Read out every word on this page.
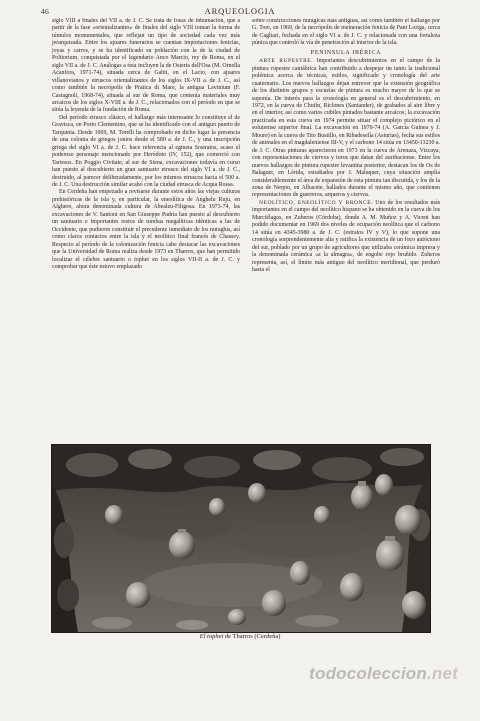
46	ARQUEOLOGIA

siglo VIII a finales del VII a. de J. C. Se trata de fosas de inhumación, que a partir de la fase «orientalizantes» de finales del siglo VIII toman la forma de túmulos monumentales, que reflejan un tipo de sociedad cada vez más jerarquizada. Entre los ajuares funerarios se cuentan importaciones fenicias, joyas y carros, y se ha identificado su población con la de la ciudad de Politorium, conquistada por el legendario Anco Marcio, rey de Roma, en el siglo VII a. de J. C. Análogas a ésta incluyen la de Osteria dell'Osa (M. Ornella Acanfora, 1971-74), situada cerca de Gabii, en el Lacio, con ajuares villanovianos y etruscos orientalizantes de los siglos IX-VII a. de J. C., así como también la necrópolis de Pratica di Mare, la antigua Lavinium (F. Castagnoli, 1968-74), situada al sur de Roma, que contenía materiales muy arcaicos de los siglos X-VIII a. de J. C., relacionados con el período en que se sitúa la leyenda de la fundación de Roma.

Del período etrusco clásico, el hallazgo más interesante lo constituye el de Gravisca, en Porto Clementino, que se ha identificado con el antiguo puerto de Tarquinia. Desde 1969, M. Torelli ha comprobado en dicho lugar la presencia de una colonia de griegos jonios desde el 580 a. de J. C., y una inscripción griega del siglo VI a. de J. C. hace referencia al egineta Sostratos, acaso el poderoso personaje mencionado por Heródoto (IV, 152), que comerció con Tartesos. En Poggio Civitate, al sur de Siena, excavaciones todavía en curso han puesto al descubierto un gran santuario etrusco del siglo VI a. de J. C., destruido, al parecer deliberadamente, por los mismos etruscos hacia el 500 a. de J. C. Una destrucción similar acabó con la ciudad etrusca de Acqua Rossa.

En Cerdeña han empezado a revisarse durante estos años las viejas culturas prehistóricas de la isla y, en particular, la eneolítica de Anghelu Ruju, en Alghero, ahora denominada cultura de Abealzu-Filigosa. En 1973-74, las excavaciones de V. Santoni en San Giuseppe Padria han puesto al descubierto un santuario e importantes restos de tumbas megalíticas idénticas a las de Occidente, que pudieron constituir el precedente inmediato de los nuraghis, así como claros contactos entre la isla y el neolítico final francés de Chassey. Respecto al período de la colonización fenicia cabe destacar las excavaciones que la Universidad de Roma realiza desde 1973 en Tharros, que han permitido localizar el célebre santuario o tophet en los siglos VII-II a. de J. C. y comprobar que éste estuvo emplazado

sobre construcciones nurágicas más antiguas, así como también el hallazgo por G. Tore, en 1969, de la necrópolis de meineración fenicia de Pani Loriga, cerca de Cagliari, fechada en el siglo VI a. de J. C. y relacionada con una fortaleza púnica que controló la vía de penetración al interior de la isla.

PENINSULA IBÉRICA

ARTE RUPESTRE. Importantes descubrimientos en el campo de la pintura rupestre cantábrica han contribuido a despejar un tanto la tradicional polémica acerca de técnicas, estilos, significado y cronología del arte cuaternario. Los nuevos hallazgos dejan entrever que la extensión geográfica de los distintos grupos y escuelas de pintura es mucho mayor de lo que se suponía. De interés para la cronología en general es el descubrimiento, en 1972, en la cueva de Chufín, Riclones (Santander), de grabados al aire libre y en el interior, así como varios cubiles pintados bastante arcaicos; la excavación practicada en esta cueva en 1974 permite situar el complejo pictórico en el solutrense superior final. La excavación en 1970-74 (A. García Guinea y J. Moure) en la cueva de Tito Bustillo, en Ribadesella (Asturias), fecha sus estilos de animales en el magdaleniense III-V, y el carbono 14 sitúa en 13450-13230 a. de J. C. Otras pinturas aparecieron en 1973 en la cueva de Arenaza, Vizcaya, con representaciones de ciervos y toros que datan del auriñaciense. Entre los nuevos hallazgos de pintura rupestre levantina posterior, destacan los de Os de Balaguer, en Lérida, estudiados por J. Maluquer, cuya situación amplía considerablemente el área de expansión de esta pintura tan discutida, y los de la zona de Nerpio, en Albacete, hallados durante el mismo año, que contienen representaciones de guerreros, arqueros y ciervos.

NEOLÍTICO, ENEOLÍTICO Y BRONCE. Uno de los resultados más importantes en el campo del neolítico hispano se ha obtenido en la cueva de los Murciélagos, en Zuheros (Córdoba), donde A. M. Muñoz y A. Vicent han podido documentar en 1969 dos niveles de ocupación neolítica que el carbono 14 sitúa en 4345-3980 a. de J. C. (estratos IV y V), lo que supone una cronología sorprendentemente alta y ratifica la existencia de un foco autóctono del sur, poblado por un grupo de agricultores que utilizaba cerámica impresa y la denominada cerámica «a la almagra», de engobe rojo bruñido. Zuheros representa, así, el límite más antiguo del neolítico meridional, que perduró hasta el

El tophet de Tharros (Cerdeña)
todocoleccion.net
